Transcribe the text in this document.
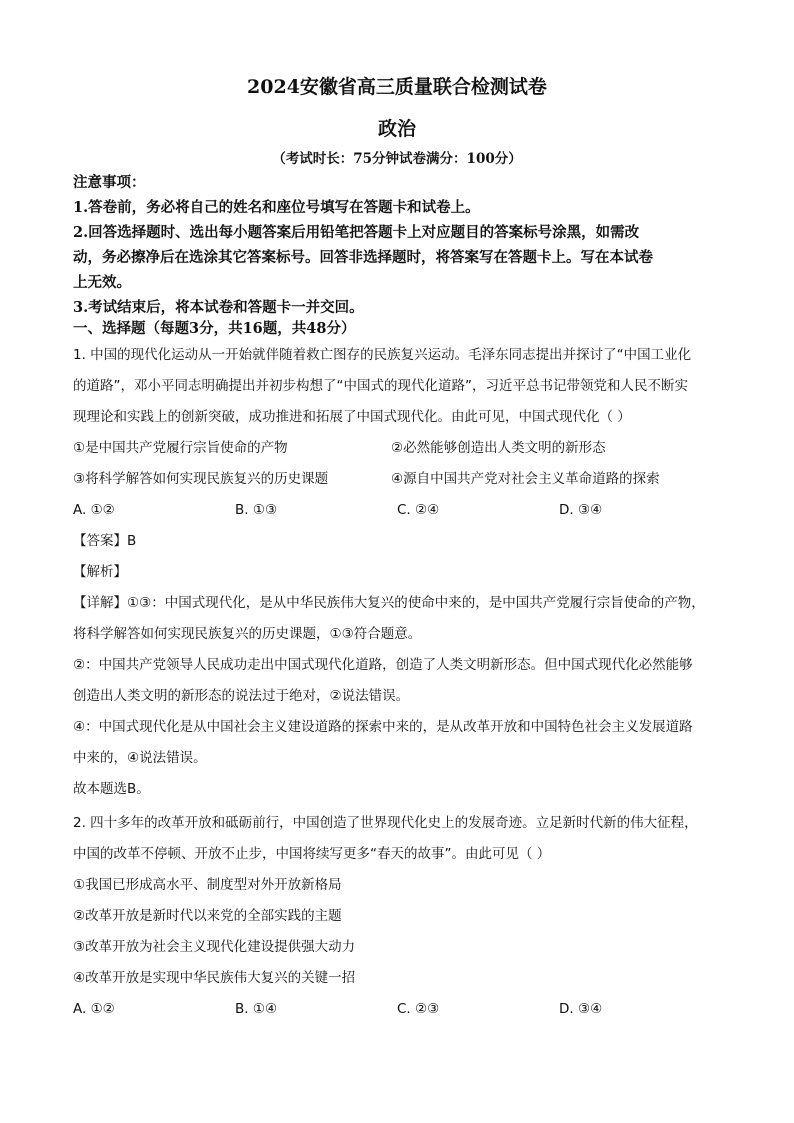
2024安徽省高三质量联合检测试卷
政治
（考试时长：75分钟试卷满分：100分）
注意事项：
1.答卷前，务必将自己的姓名和座位号填写在答题卡和试卷上。
2.回答选择题时、选出每小题答案后用铅笔把答题卡上对应题目的答案标号涂黑，如需改
动，务必擦净后在选涂其它答案标号。回答非选择题时，将答案写在答题卡上。写在本试卷
上无效。
3.考试结束后，将本试卷和答题卡一并交回。
一、选择题（每题3分，共16题，共48分）
1. 中国的现代化运动从一开始就伴随着救亡图存的民族复兴运动。毛泽东同志提出并探讨了“中国工业化
的道路”，邓小平同志明确提出并初步构想了“中国式的现代化道路”，习近平总书记带领党和人民不断实
现理论和实践上的创新突破，成功推进和拓展了中国式现代化。由此可见，中国式现代化（ ）
①是中国共产党履行宗旨使命的产物	②必然能够创造出人类文明的新形态
③将科学解答如何实现民族复兴的历史课题	④源自中国共产党对社会主义革命道路的探索
A. ①②	B. ①③	C. ②④	D. ③④
【答案】B
【解析】
【详解】①③：中国式现代化，是从中华民族伟大复兴的使命中来的，是中国共产党履行宗旨使命的产物，
将科学解答如何实现民族复兴的历史课题，①③符合题意。
②：中国共产党领导人民成功走出中国式现代化道路，创造了人类文明新形态。但中国式现代化必然能够
创造出人类文明的新形态的说法过于绝对，②说法错误。
④：中国式现代化是从中国社会主义建设道路的探索中来的，是从改革开放和中国特色社会主义发展道路
中来的，④说法错误。
故本题选B。
2. 四十多年的改革开放和砥砺前行，中国创造了世界现代化史上的发展奇迹。立足新时代新的伟大征程，
中国的改革不停顿、开放不止步，中国将续写更多“春天的故事”。由此可见（ ）
①我国已形成高水平、制度型对外开放新格局
②改革开放是新时代以来党的全部实践的主题
③改革开放为社会主义现代化建设提供强大动力
④改革开放是实现中华民族伟大复兴的关键一招
A. ①②	B. ①④	C. ②③	D. ③④
